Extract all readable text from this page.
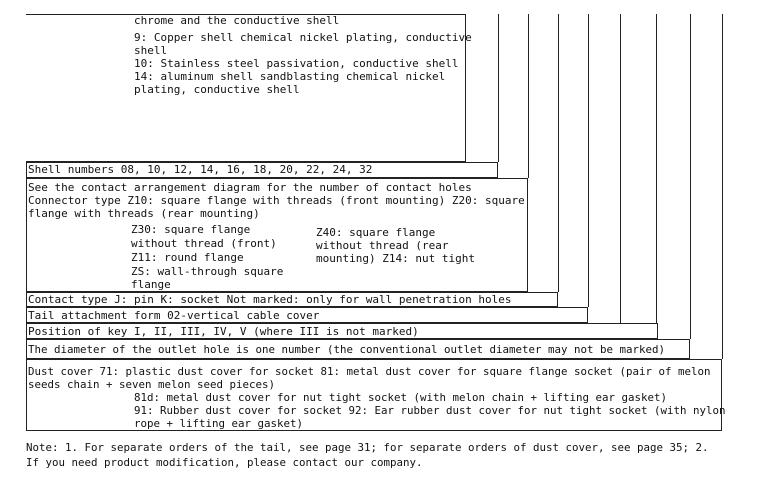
chrome and the conductive shell
9: Copper shell chemical nickel plating, conductive
shell
10: Stainless steel passivation, conductive shell
14: aluminum shell sandblasting chemical nickel
plating, conductive shell
Shell numbers 08, 10, 12, 14, 16, 18, 20, 22, 24, 32
See the contact arrangement diagram for the number of contact holes
Connector type Z10: square flange with threads (front mounting) Z20: square
flange with threads (rear mounting)
Z30: square flange
without thread (front)
Z11: round flange
ZS: wall-through square
flange
Z40: square flange
without thread (rear
mounting) Z14: nut tight
Contact type J: pin K: socket Not marked: only for wall penetration holes
Tail attachment form 02-vertical cable cover
Position of key I, II, III, IV, V (where III is not marked)
The diameter of the outlet hole is one number (the conventional outlet diameter may not be marked)
Dust cover 71: plastic dust cover for socket 81: metal dust cover for square flange socket (pair of melon
seeds chain + seven melon seed pieces)
81d: metal dust cover for nut tight socket (with melon chain + lifting ear gasket)
91: Rubber dust cover for socket 92: Ear rubber dust cover for nut tight socket (with nylon
rope + lifting ear gasket)
Note: 1. For separate orders of the tail, see page 31; for separate orders of dust cover, see page 35; 2.
If you need product modification, please contact our company.
